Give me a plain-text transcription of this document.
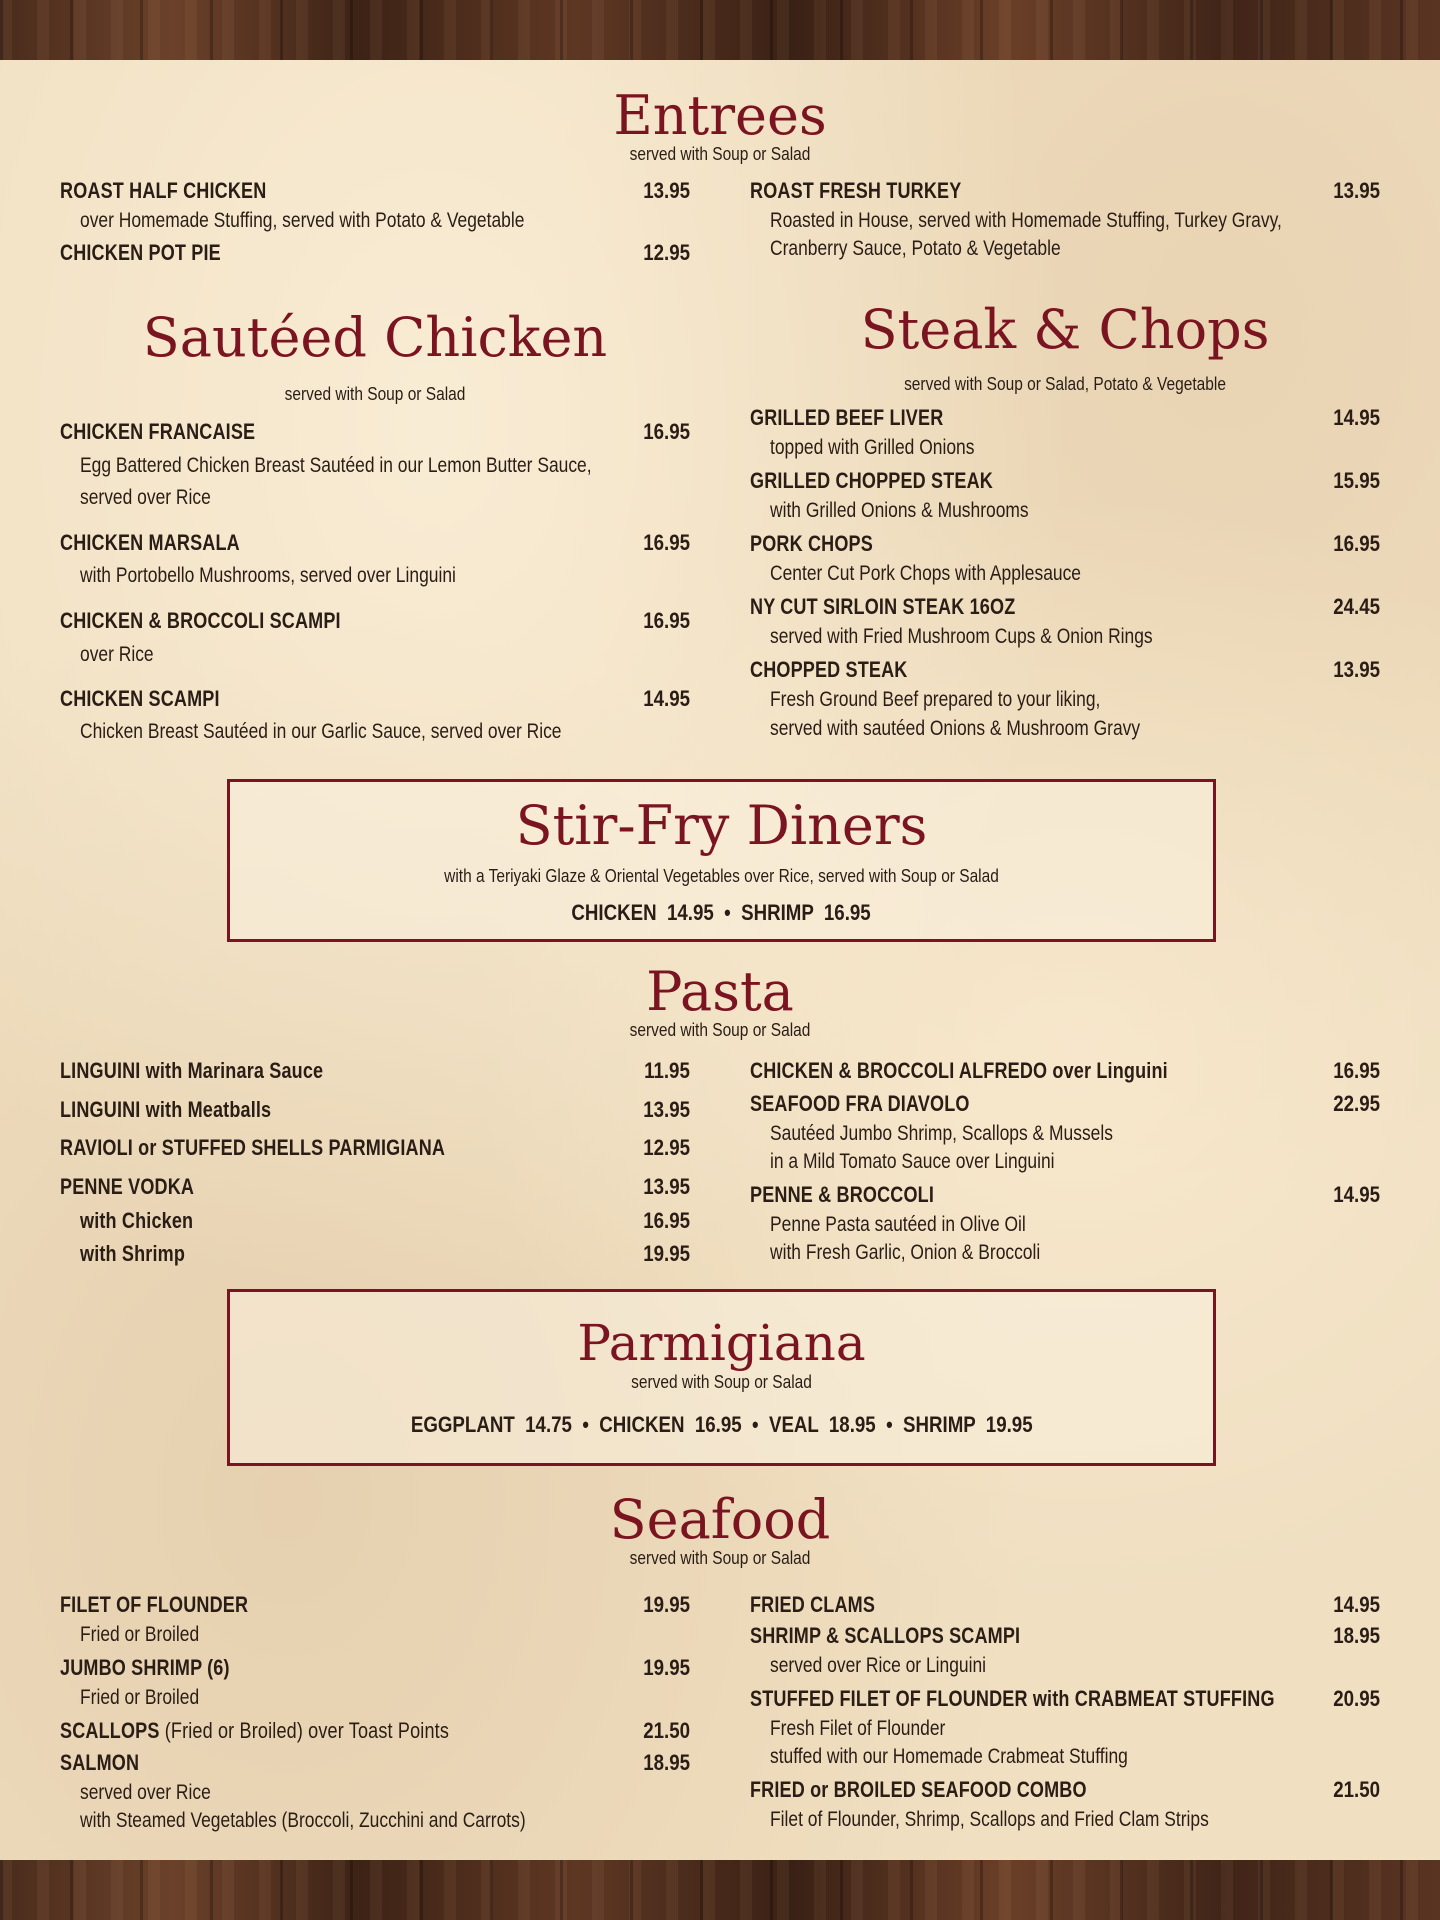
Entrees
served with Soup or Salad
ROAST HALF CHICKEN	13.95
over Homemade Stuffing, served with Potato & Vegetable
CHICKEN POT PIE	12.95
ROAST FRESH TURKEY	13.95
Roasted in House, served with Homemade Stuffing, Turkey Gravy,
Cranberry Sauce, Potato & Vegetable
Sautéed Chicken
served with Soup or Salad
CHICKEN FRANCAISE	16.95
Egg Battered Chicken Breast Sautéed in our Lemon Butter Sauce,
served over Rice
CHICKEN MARSALA	16.95
with Portobello Mushrooms, served over Linguini
CHICKEN & BROCCOLI SCAMPI	16.95
over Rice
CHICKEN SCAMPI	14.95
Chicken Breast Sautéed in our Garlic Sauce, served over Rice
Steak & Chops
served with Soup or Salad, Potato & Vegetable
GRILLED BEEF LIVER	14.95
topped with Grilled Onions
GRILLED CHOPPED STEAK	15.95
with Grilled Onions & Mushrooms
PORK CHOPS	16.95
Center Cut Pork Chops with Applesauce
NY CUT SIRLOIN STEAK 16OZ	24.45
served with Fried Mushroom Cups & Onion Rings
CHOPPED STEAK	13.95
Fresh Ground Beef prepared to your liking,
served with sautéed Onions & Mushroom Gravy
Stir-Fry Diners
with a Teriyaki Glaze & Oriental Vegetables over Rice, served with Soup or Salad
CHICKEN  14.95  •  SHRIMP  16.95
Pasta
served with Soup or Salad
LINGUINI with Marinara Sauce	11.95
LINGUINI with Meatballs	13.95
RAVIOLI or STUFFED SHELLS PARMIGIANA	12.95
PENNE VODKA	13.95
with Chicken	16.95
with Shrimp	19.95
CHICKEN & BROCCOLI ALFREDO over Linguini	16.95
SEAFOOD FRA DIAVOLO	22.95
Sautéed Jumbo Shrimp, Scallops & Mussels
in a Mild Tomato Sauce over Linguini
PENNE & BROCCOLI	14.95
Penne Pasta sautéed in Olive Oil
with Fresh Garlic, Onion & Broccoli
Parmigiana
served with Soup or Salad
EGGPLANT  14.75  •  CHICKEN  16.95  •  VEAL  18.95  •  SHRIMP  19.95
Seafood
served with Soup or Salad
FILET OF FLOUNDER	19.95
Fried or Broiled
JUMBO SHRIMP (6)	19.95
Fried or Broiled
SCALLOPS (Fried or Broiled) over Toast Points	21.50
SALMON	18.95
served over Rice
with Steamed Vegetables (Broccoli, Zucchini and Carrots)
FRIED CLAMS	14.95
SHRIMP & SCALLOPS SCAMPI	18.95
served over Rice or Linguini
STUFFED FILET OF FLOUNDER with CRABMEAT STUFFING	20.95
Fresh Filet of Flounder
stuffed with our Homemade Crabmeat Stuffing
FRIED or BROILED SEAFOOD COMBO	21.50
Filet of Flounder, Shrimp, Scallops and Fried Clam Strips
